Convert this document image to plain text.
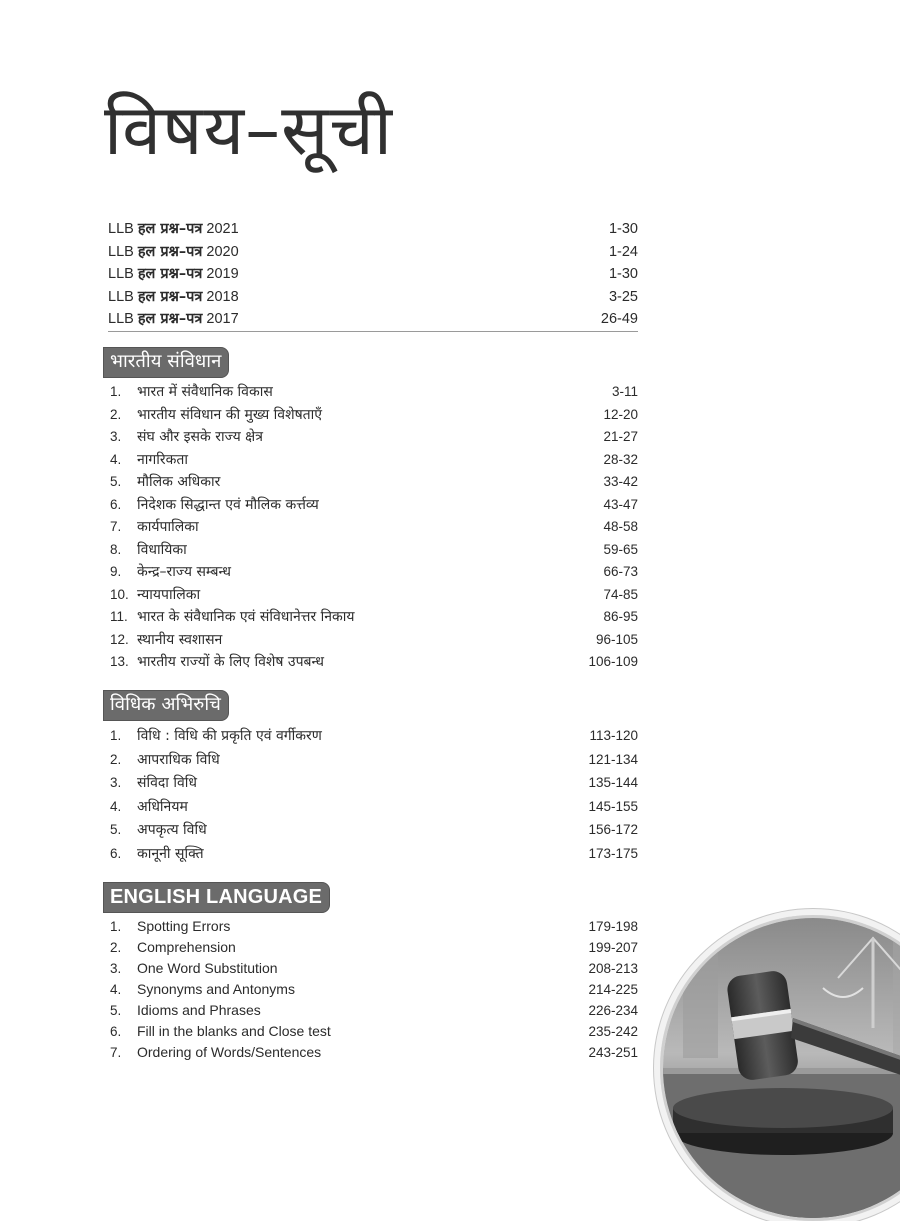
विषय–सूची
LLB हल प्रश्न–पत्र 2021	1-30
LLB हल प्रश्न–पत्र 2020	1-24
LLB हल प्रश्न–पत्र 2019	1-30
LLB हल प्रश्न–पत्र 2018	3-25
LLB हल प्रश्न–पत्र 2017	26-49
भारतीय संविधान
1.	भारत में संवैधानिक विकास	3-11
2.	भारतीय संविधान की मुख्य विशेषताएँ	12-20
3.	संघ और इसके राज्य क्षेत्र	21-27
4.	नागरिकता	28-32
5.	मौलिक अधिकार	33-42
6.	निदेशक सिद्धान्त एवं मौलिक कर्त्तव्य	43-47
7.	कार्यपालिका	48-58
8.	विधायिका	59-65
9.	केन्द्र–राज्य सम्बन्ध	66-73
10. न्यायपालिका	74-85
11. भारत के संवैधानिक एवं संविधानेत्तर निकाय	86-95
12. स्थानीय स्वशासन	96-105
13. भारतीय राज्यों के लिए विशेष उपबन्ध	106-109
विधिक अभिरुचि
1.	विधि : विधि की प्रकृति एवं वर्गीकरण	113-120
2.	आपराधिक विधि	121-134
3.	संविदा विधि	135-144
4.	अधिनियम	145-155
5.	अपकृत्य विधि	156-172
6.	कानूनी सूक्ति	173-175
ENGLISH LANGUAGE
1.	Spotting Errors	179-198
2.	Comprehension	199-207
3.	One Word Substitution	208-213
4.	Synonyms and Antonyms	214-225
5.	Idioms and Phrases	226-234
6.	Fill in the blanks and Close test	235-242
7.	Ordering of Words/Sentences	243-251
